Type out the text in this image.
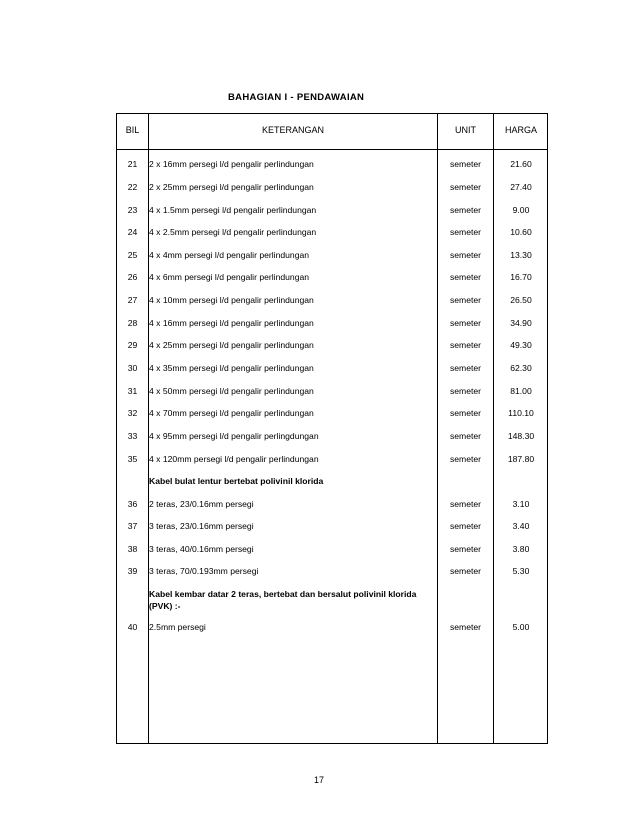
BAHAGIAN I - PENDAWAIAN
BIL	KETERANGAN	UNIT	HARGA
21	2 x 16mm persegi l/d pengalir perlindungan	semeter	21.60
22	2 x 25mm persegi l/d pengalir perlindungan	semeter	27.40
23	4 x 1.5mm persegi l/d pengalir perlindungan	semeter	9.00
24	4 x 2.5mm persegi l/d pengalir perlindungan	semeter	10.60
25	4 x 4mm persegi l/d pengalir perlindungan	semeter	13.30
26	4 x 6mm persegi l/d pengalir perlindungan	semeter	16.70
27	4 x 10mm persegi l/d pengalir perlindungan	semeter	26.50
28	4 x 16mm persegi l/d pengalir perlindungan	semeter	34.90
29	4 x 25mm persegi l/d pengalir perlindungan	semeter	49.30
30	4 x 35mm persegi l/d pengalir perlindungan	semeter	62.30
31	4 x 50mm persegi l/d pengalir perlindungan	semeter	81.00
32	4 x 70mm persegi l/d pengalir perlindungan	semeter	110.10
33	4 x 95mm persegi l/d pengalir perlingdungan	semeter	148.30
35	4 x 120mm persegi l/d pengalir perlindungan	semeter	187.80
Kabel bulat lentur bertebat polivinil klorida
36	2 teras, 23/0.16mm persegi	semeter	3.10
37	3 teras, 23/0.16mm persegi	semeter	3.40
38	3 teras, 40/0.16mm persegi	semeter	3.80
39	3 teras, 70/0.193mm persegi	semeter	5.30
Kabel kembar datar 2 teras, bertebat dan bersalut polivinil klorida
(PVK) :-
40	2.5mm persegi	semeter	5.00
17
